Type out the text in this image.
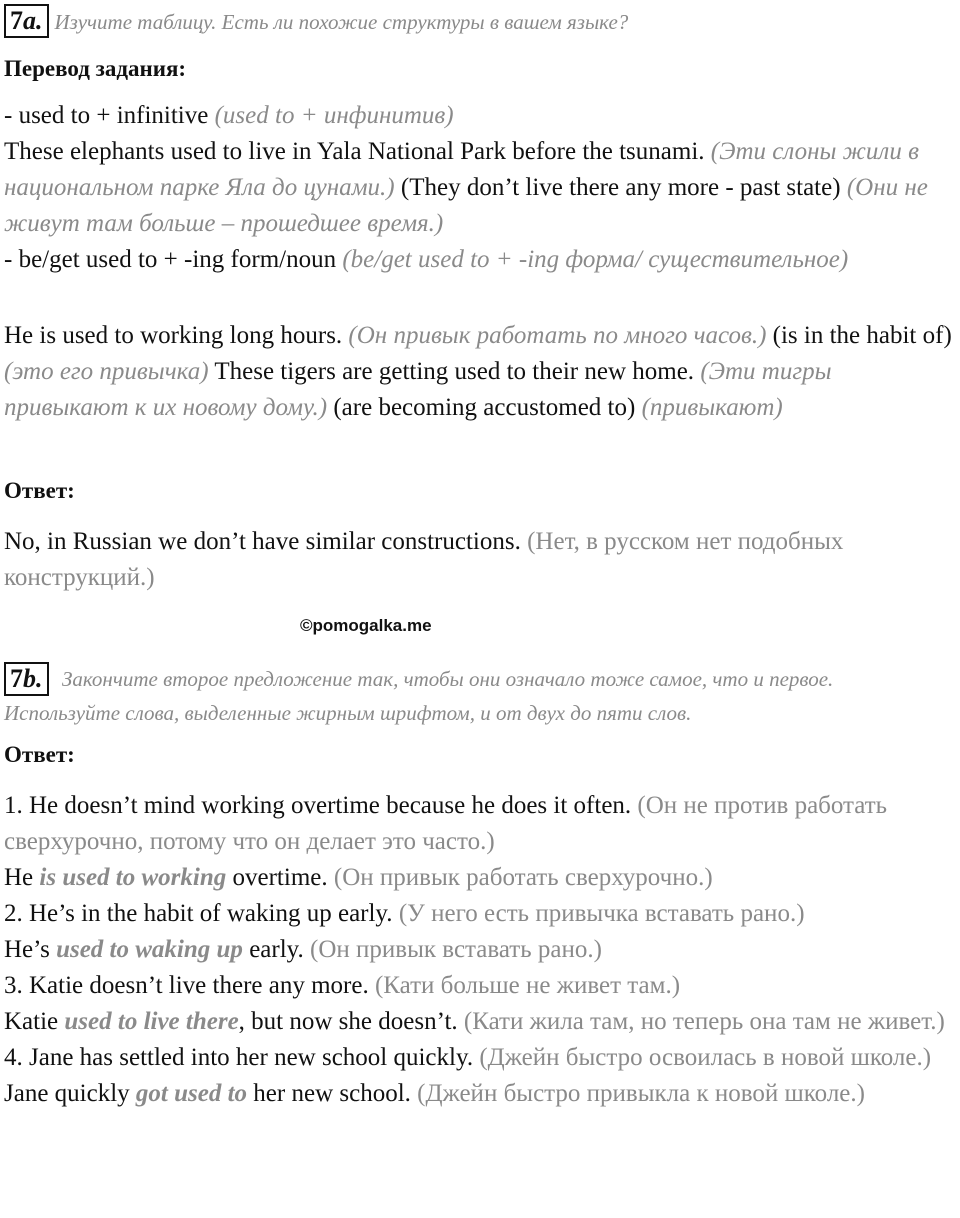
7a. Изучите таблицу. Есть ли похожие структуры в вашем языке?
Перевод задания:
- used to + infinitive (used to + инфинитив)
These elephants used to live in Yala National Park before the tsunami. (Эти слоны жили в национальном парке Яла до цунами.) (They don’t live there any more - past state) (Они не живут там больше – прошедшее время.)
- be/get used to + -ing form/noun (be/get used to + -ing форма/ существительное)
He is used to working long hours. (Он привык работать по много часов.) (is in the habit of) (это его привычка) These tigers are getting used to their new home. (Эти тигры привыкают к их новому дому.) (are becoming accustomed to) (привыкают)
Ответ:
No, in Russian we don’t have similar constructions. (Нет, в русском нет подобных конструкций.)
©pomogalka.me
7b. Закончите второе предложение так, чтобы они означало тоже самое, что и первое. Используйте слова, выделенные жирным шрифтом, и от двух до пяти слов.
Ответ:
1. He doesn’t mind working overtime because he does it often. (Он не против работать сверхурочно, потому что он делает это часто.)
He is used to working overtime. (Он привык работать сверхурочно.)
2. He’s in the habit of waking up early. (У него есть привычка вставать рано.)
He’s used to waking up early. (Он привык вставать рано.)
3. Katie doesn’t live there any more. (Кати больше не живет там.)
Katie used to live there, but now she doesn’t. (Кати жила там, но теперь она там не живет.)
4. Jane has settled into her new school quickly. (Джейн быстро освоилась в новой школе.)
Jane quickly got used to her new school. (Джейн быстро привыкла к новой школе.)
